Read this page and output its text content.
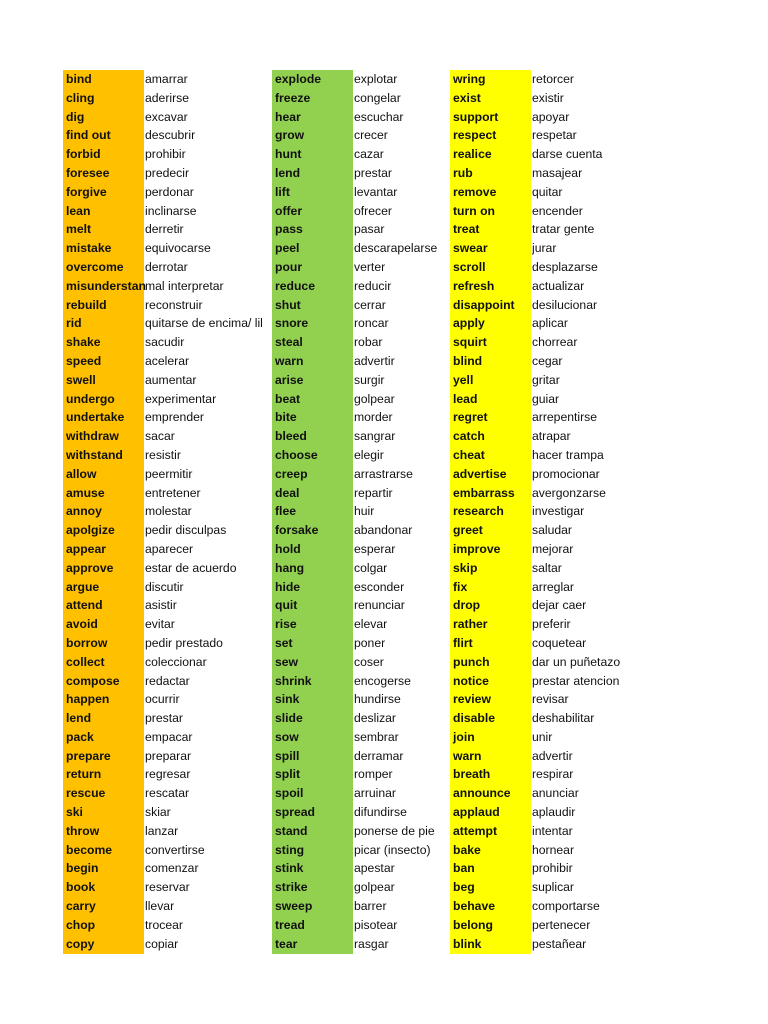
bind	amarrar
cling	aderirse
dig	excavar
find out	descubrir
forbid	prohibir
foresee	predecir
forgive	perdonar
lean	inclinarse
melt	derretir
mistake	equivocarse
overcome	derrotar
misunderstan mal interpretar
rebuild	reconstruir
rid	quitarse de encima/ lil
shake	sacudir
speed	acelerar
swell	aumentar
undergo	experimentar
undertake	emprender
withdraw	sacar
withstand	resistir
allow	peermitir
amuse	entretener
annoy	molestar
apolgize	pedir disculpas
appear	aparecer
approve	estar de acuerdo
argue	discutir
attend	asistir
avoid	evitar
borrow	pedir prestado
collect	coleccionar
compose	redactar
happen	ocurrir
lend	prestar
pack	empacar
prepare	preparar
return	regresar
rescue	rescatar
ski	skiar
throw	lanzar
become	convertirse
begin	comenzar
book	reservar
carry	llevar
chop	trocear
copy	copiar
explode	explotar
freeze	congelar
hear	escuchar
grow	crecer
hunt	cazar
lend	prestar
lift	levantar
offer	ofrecer
pass	pasar
peel	descarapelarse
pour	verter
reduce	reducir
shut	cerrar
snore	roncar
steal	robar
warn	advertir
arise	surgir
beat	golpear
bite	morder
bleed	sangrar
choose	elegir
creep	arrastrarse
deal	repartir
flee	huir
forsake	abandonar
hold	esperar
hang	colgar
hide	esconder
quit	renunciar
rise	elevar
set	poner
sew	coser
shrink	encogerse
sink	hundirse
slide	deslizar
sow	sembrar
spill	derramar
split	romper
spoil	arruinar
spread	difundirse
stand	ponerse de pie
sting	picar (insecto)
stink	apestar
strike	golpear
sweep	barrer
tread	pisotear
tear	rasgar
wring	retorcer
exist	existir
support	apoyar
respect	respetar
realice	darse cuenta
rub	masajear
remove	quitar
turn on	encender
treat	tratar gente
swear	jurar
scroll	desplazarse
refresh	actualizar
disappoint	desilucionar
apply	aplicar
squirt	chorrear
blind	cegar
yell	gritar
lead	guiar
regret	arrepentirse
catch	atrapar
cheat	hacer trampa
advertise	promocionar
embarrass	avergonzarse
research	investigar
greet	saludar
improve	mejorar
skip	saltar
fix	arreglar
drop	dejar caer
rather	preferir
flirt	coquetear
punch	dar un puñetazo
notice	prestar atencion
review	revisar
disable	deshabilitar
join	unir
warn	advertir
breath	respirar
announce	anunciar
applaud	aplaudir
attempt	intentar
bake	hornear
ban	prohibir
beg	suplicar
behave	comportarse
belong	pertenecer
blink	pestañear
